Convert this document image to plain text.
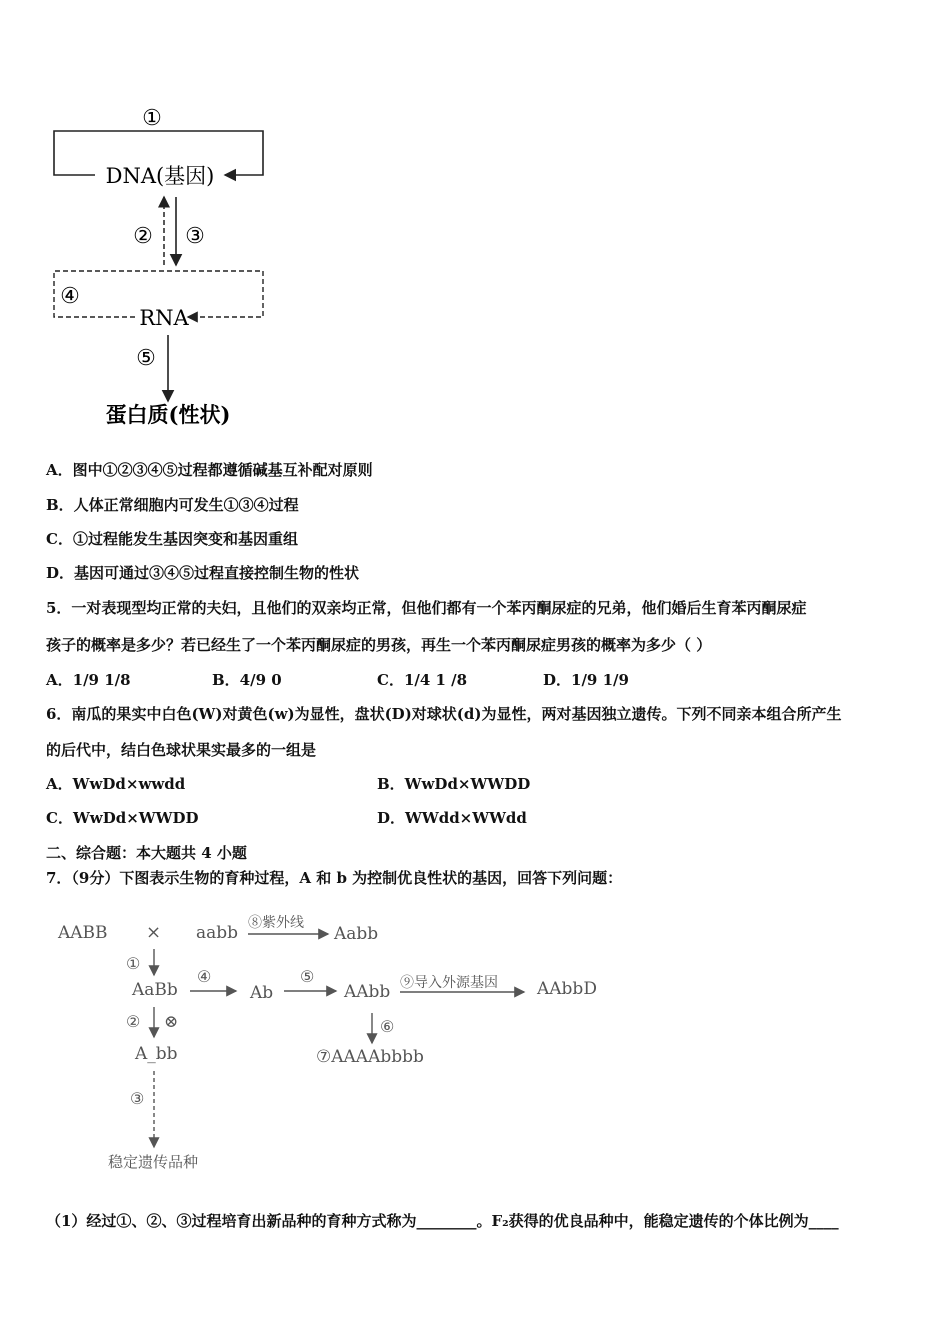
①
DNA(基因)
② ③
④
RNA
⑤
蛋白质(性状)
A．图中①②③④⑤过程都遵循碱基互补配对原则
B．人体正常细胞内可发生①③④过程
C．①过程能发生基因突变和基因重组
D．基因可通过③④⑤过程直接控制生物的性状
5．一对表现型均正常的夫妇，且他们的双亲均正常，但他们都有一个苯丙酮尿症的兄弟，他们婚后生育苯丙酮尿症
孩子的概率是多少？若已经生了一个苯丙酮尿症的男孩，再生一个苯丙酮尿症男孩的概率为多少（ ）
A．1/9 1/8	B．4/9 0	C．1/4 1 /8	D．1/9 1/9
6．南瓜的果实中白色(W)对黄色(w)为显性，盘状(D)对球状(d)为显性，两对基因独立遗传。下列不同亲本组合所产生
的后代中，结白色球状果实最多的一组是
A．WwDd×wwdd	B．WwDd×WWDD
C．WwDd×WWDD	D．WWdd×WWdd
二、综合题：本大题共 4 小题
7．（9分）下图表示生物的育种过程，A 和 b 为控制优良性状的基因，回答下列问题：
AABB × aabb ⑧紫外线
Aabb
①
AaBb
④
Ab
⑤
AAbb ⑨导入外源基因 AAbbD
② ⊗
A_bb
⑥
⑦AAAAbbbb
③
稳定遗传品种
（1）经过①、②、③过程培育出新品种的育种方式称为________。F₂获得的优良品种中，能稳定遗传的个体比例为____
